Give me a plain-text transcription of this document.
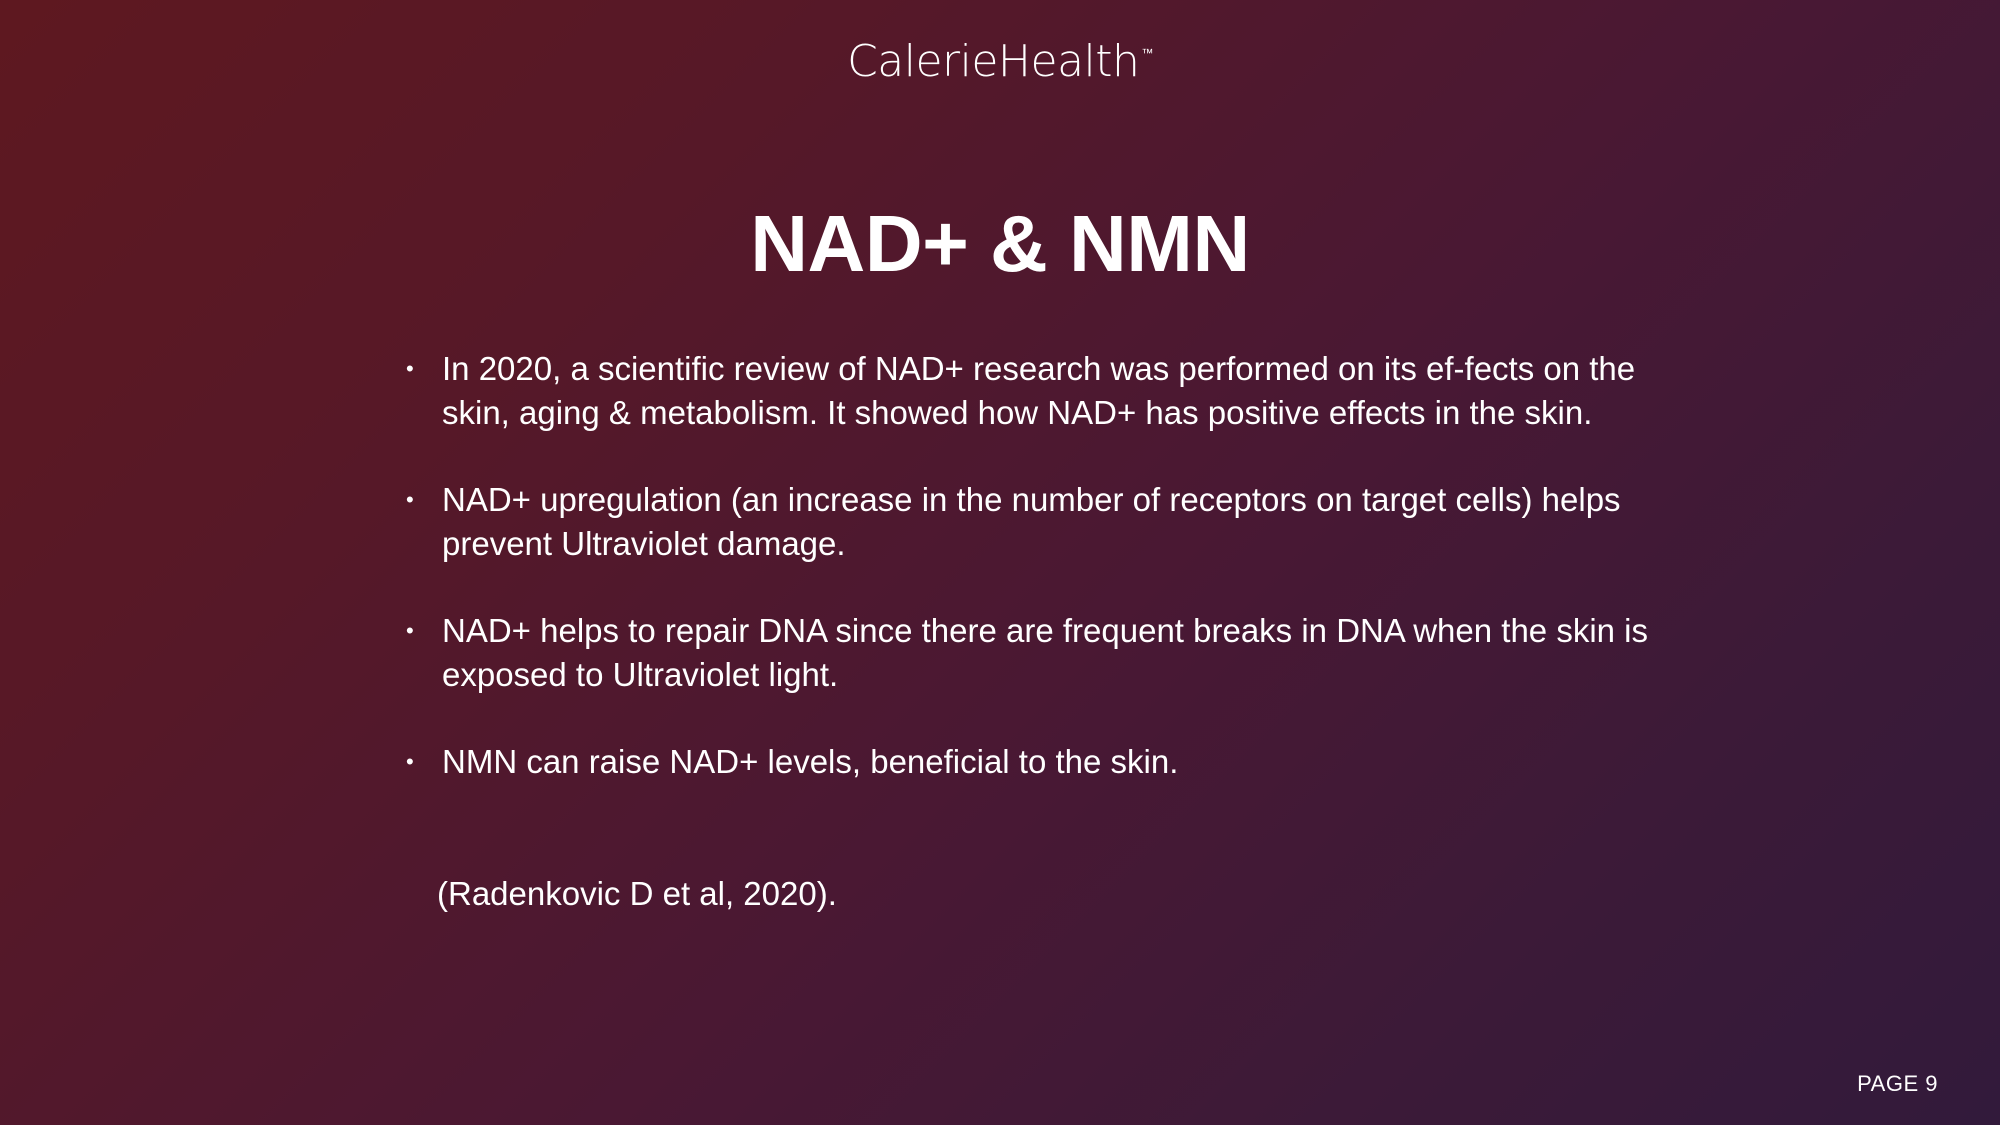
CalerieHealth ™
NAD+ & NMN
• In 2020, a scientific review of NAD+ research was performed on its ef-fects on the skin, aging & metabolism. It showed how NAD+ has positive effects in the skin.
• NAD+ upregulation (an increase in the number of receptors on target cells) helps prevent Ultraviolet damage.
• NAD+ helps to repair DNA since there are frequent breaks in DNA when the skin is exposed to Ultraviolet light.
• NMN can raise NAD+ levels, beneficial to the skin.
(Radenkovic D et al, 2020).
PAGE 9
